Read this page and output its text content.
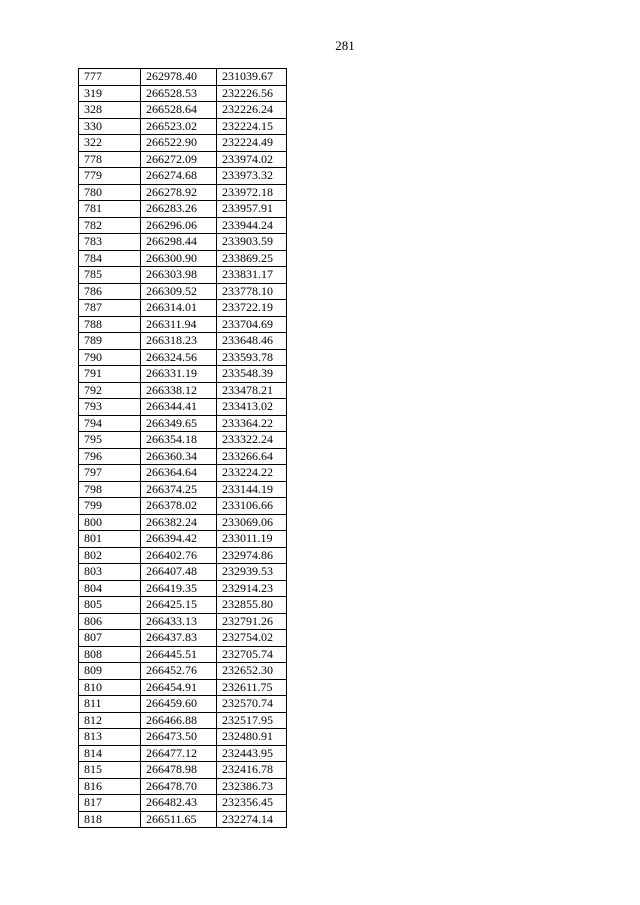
281
777	262978.40	231039.67
319	266528.53	232226.56
328	266528.64	232226.24
330	266523.02	232224.15
322	266522.90	232224.49
778	266272.09	233974.02
779	266274.68	233973.32
780	266278.92	233972.18
781	266283.26	233957.91
782	266296.06	233944.24
783	266298.44	233903.59
784	266300.90	233869.25
785	266303.98	233831.17
786	266309.52	233778.10
787	266314.01	233722.19
788	266311.94	233704.69
789	266318.23	233648.46
790	266324.56	233593.78
791	266331.19	233548.39
792	266338.12	233478.21
793	266344.41	233413.02
794	266349.65	233364.22
795	266354.18	233322.24
796	266360.34	233266.64
797	266364.64	233224.22
798	266374.25	233144.19
799	266378.02	233106.66
800	266382.24	233069.06
801	266394.42	233011.19
802	266402.76	232974.86
803	266407.48	232939.53
804	266419.35	232914.23
805	266425.15	232855.80
806	266433.13	232791.26
807	266437.83	232754.02
808	266445.51	232705.74
809	266452.76	232652.30
810	266454.91	232611.75
811	266459.60	232570.74
812	266466.88	232517.95
813	266473.50	232480.91
814	266477.12	232443.95
815	266478.98	232416.78
816	266478.70	232386.73
817	266482.43	232356.45
818	266511.65	232274.14
